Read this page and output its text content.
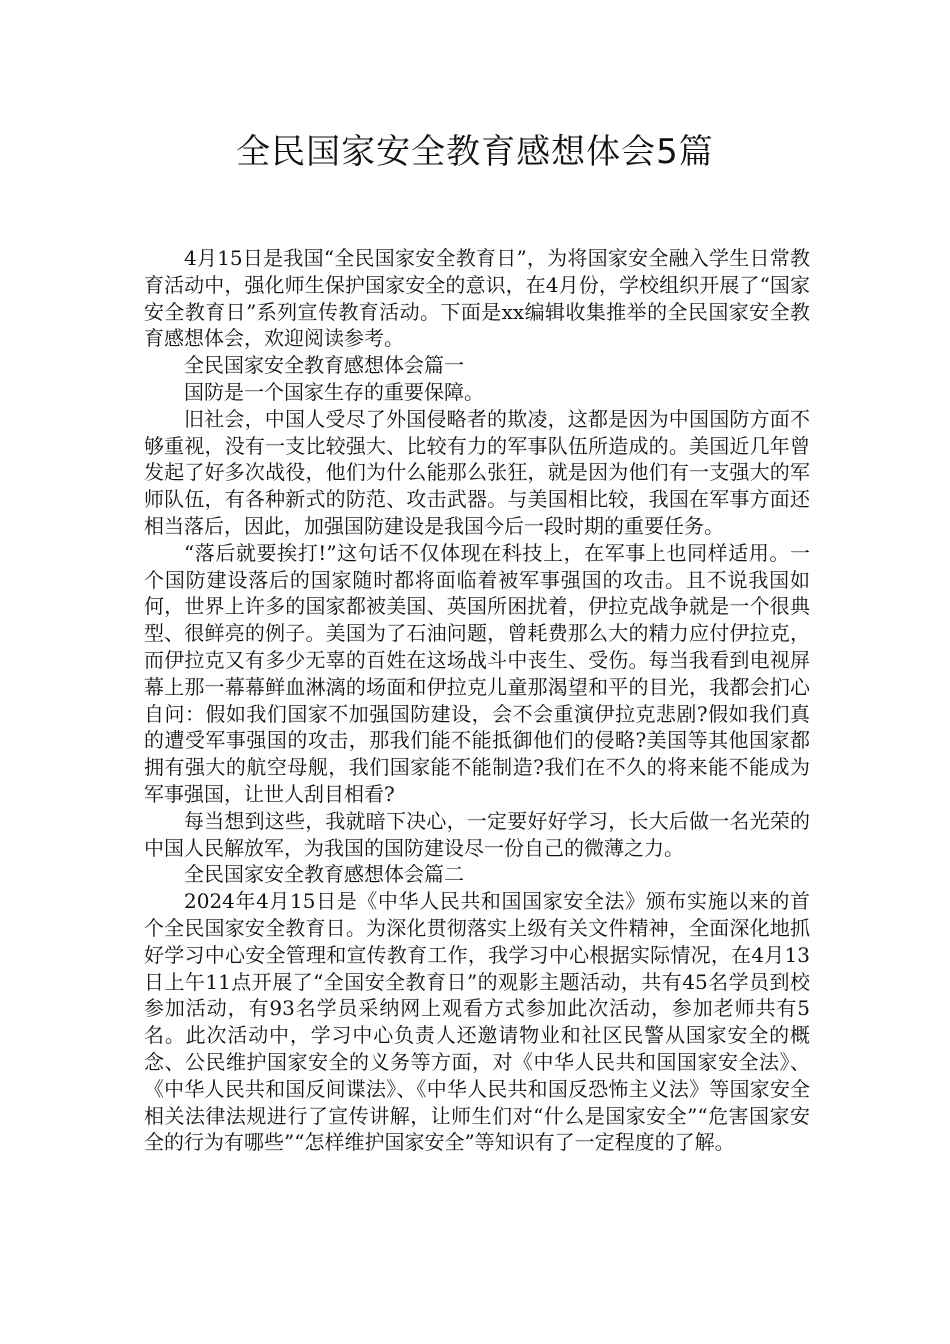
全民国家安全教育感想体会5篇

4月15日是我国“全民国家安全教育日”，为将国家安全融入学生日常教育活动中，强化师生保护国家安全的意识，在4月份，学校组织开展了“国家安全教育日”系列宣传教育活动。下面是xx编辑收集推举的全民国家安全教育感想体会，欢迎阅读参考。

全民国家安全教育感想体会篇一

国防是一个国家生存的重要保障。

旧社会，中国人受尽了外国侵略者的欺凌，这都是因为中国国防方面不够重视，没有一支比较强大、比较有力的军事队伍所造成的。美国近几年曾发起了好多次战役，他们为什么能那么张狂，就是因为他们有一支强大的军师队伍，有各种新式的防范、攻击武器。与美国相比较，我国在军事方面还相当落后，因此，加强国防建设是我国今后一段时期的重要任务。

“落后就要挨打!”这句话不仅体现在科技上，在军事上也同样适用。一个国防建设落后的国家随时都将面临着被军事强国的攻击。且不说我国如何，世界上许多的国家都被美国、英国所困扰着，伊拉克战争就是一个很典型、很鲜亮的例子。美国为了石油问题，曾耗费那么大的精力应付伊拉克，而伊拉克又有多少无辜的百姓在这场战斗中丧生、受伤。每当我看到电视屏幕上那一幕幕鲜血淋漓的场面和伊拉克儿童那渴望和平的目光，我都会扪心自问：假如我们国家不加强国防建设，会不会重演伊拉克悲剧?假如我们真的遭受军事强国的攻击，那我们能不能抵御他们的侵略?美国等其他国家都拥有强大的航空母舰，我们国家能不能制造?我们在不久的将来能不能成为军事强国，让世人刮目相看?

每当想到这些，我就暗下决心，一定要好好学习，长大后做一名光荣的中国人民解放军，为我国的国防建设尽一份自己的微薄之力。

全民国家安全教育感想体会篇二

2024年4月15日是《中华人民共和国国家安全法》颁布实施以来的首个全民国家安全教育日。为深化贯彻落实上级有关文件精神，全面深化地抓好学习中心安全管理和宣传教育工作，我学习中心根据实际情况，在4月13日上午11点开展了“全国安全教育日”的观影主题活动，共有45名学员到校参加活动，有93名学员采纳网上观看方式参加此次活动，参加老师共有5名。此次活动中，学习中心负责人还邀请物业和社区民警从国家安全的概念、公民维护国家安全的义务等方面，对《中华人民共和国国家安全法》、《中华人民共和国反间谍法》、《中华人民共和国反恐怖主义法》等国家安全相关法律法规进行了宣传讲解，让师生们对“什么是国家安全”“危害国家安全的行为有哪些”“怎样维护国家安全”等知识有了一定程度的了解。
